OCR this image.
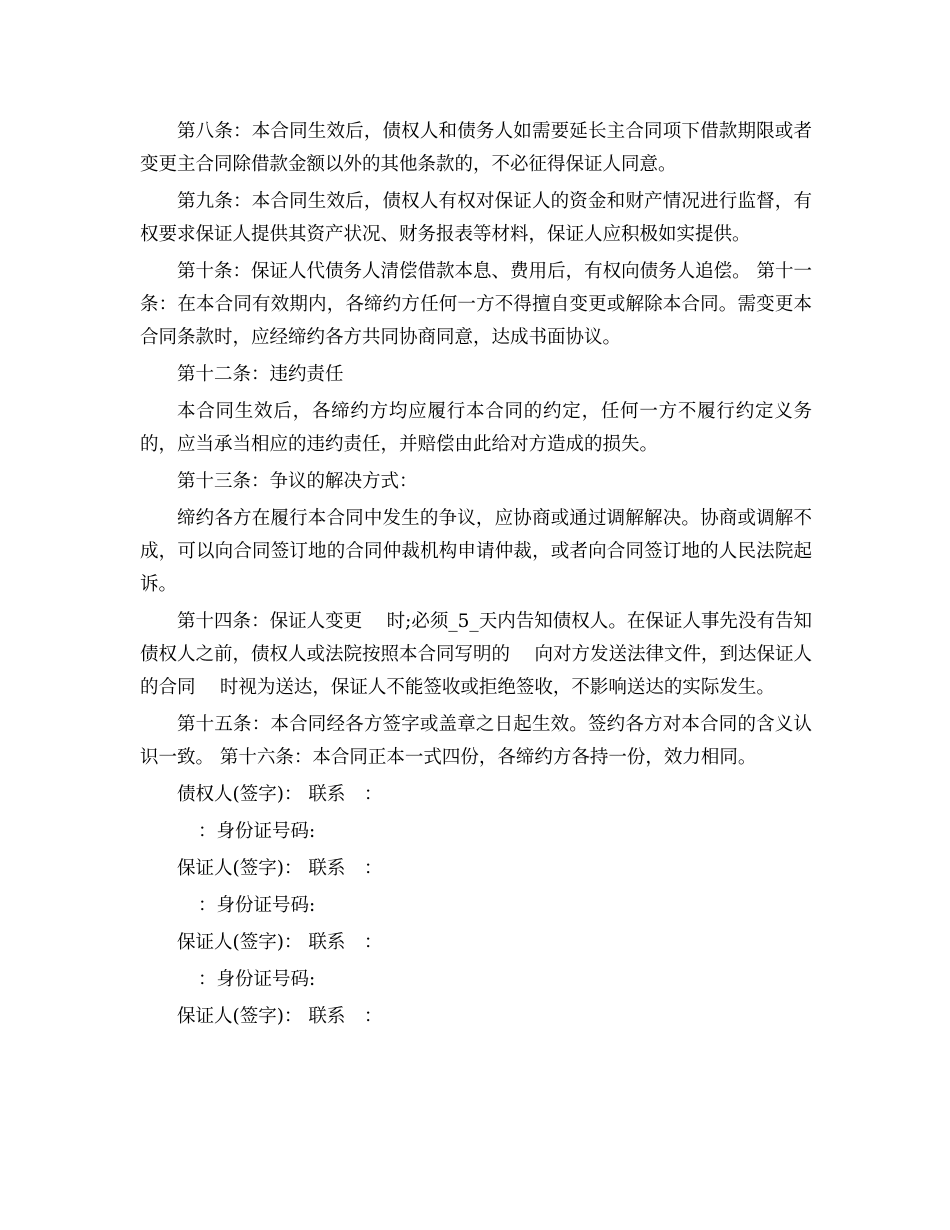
第八条：本合同生效后，债权人和债务人如需要延长主合同项下借款期限或者变更主合同除借款金额以外的其他条款的，不必征得保证人同意。

第九条：本合同生效后，债权人有权对保证人的资金和财产情况进行监督，有权要求保证人提供其资产状况、财务报表等材料，保证人应积极如实提供。

第十条：保证人代债务人清偿借款本息、费用后，有权向债务人追偿。 第十一条：在本合同有效期内，各缔约方任何一方不得擅自变更或解除本合同。需变更本合同条款时，应经缔约各方共同协商同意，达成书面协议。

第十二条：违约责任

本合同生效后，各缔约方均应履行本合同的约定，任何一方不履行约定义务的，应当承当相应的违约责任，并赔偿由此给对方造成的损失。

第十三条：争议的解决方式：

缔约各方在履行本合同中发生的争议，应协商或通过调解解决。协商或调解不成，可以向合同签订地的合同仲裁机构申请仲裁，或者向合同签订地的人民法院起诉。

第十四条：保证人变更　 时;必须_5_天内告知债权人。在保证人事先没有告知债权人之前，债权人或法院按照本合同写明的　 向对方发送法律文件，到达保证人的合同　 时视为送达，保证人不能签收或拒绝签收，不影响送达的实际发生。

第十五条：本合同经各方签字或盖章之日起生效。签约各方对本合同的含义认识一致。 第十六条：本合同正本一式四份，各缔约方各持一份，效力相同。

债权人(签字)： 联系　：
：身份证号码:
保证人(签字)： 联系　：
：身份证号码:
保证人(签字)： 联系　：
：身份证号码:
保证人(签字)： 联系　：
